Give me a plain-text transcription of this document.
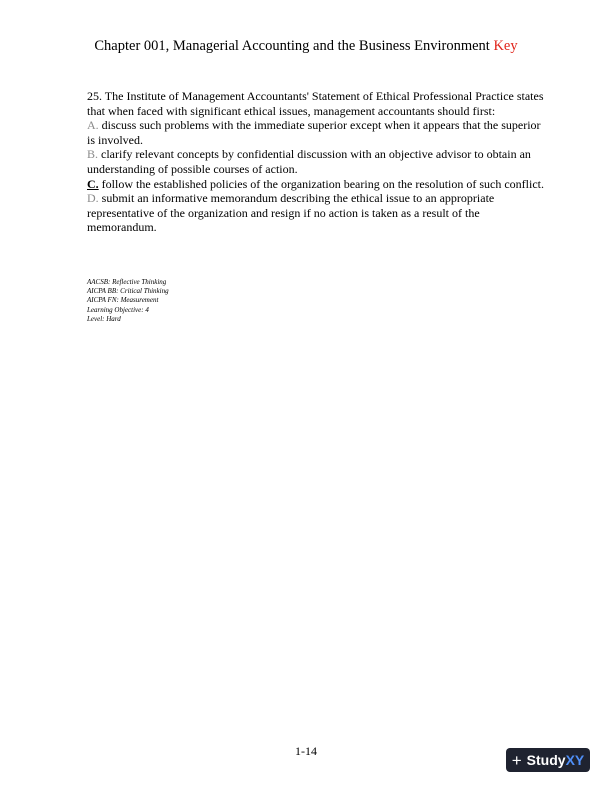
Chapter 001, Managerial Accounting and the Business Environment Key

25. The Institute of Management Accountants' Statement of Ethical Professional Practice states that when faced with significant ethical issues, management accountants should first:

A. discuss such problems with the immediate superior except when it appears that the superior is involved.

B. clarify relevant concepts by confidential discussion with an objective advisor to obtain an understanding of possible courses of action.

C. follow the established policies of the organization bearing on the resolution of such conflict.

D. submit an informative memorandum describing the ethical issue to an appropriate representative of the organization and resign if no action is taken as a result of the memorandum.

AACSB: Reflective Thinking
AICPA BB: Critical Thinking
AICPA FN: Measurement
Learning Objective: 4
Level: Hard
1-14	+ Study XY
